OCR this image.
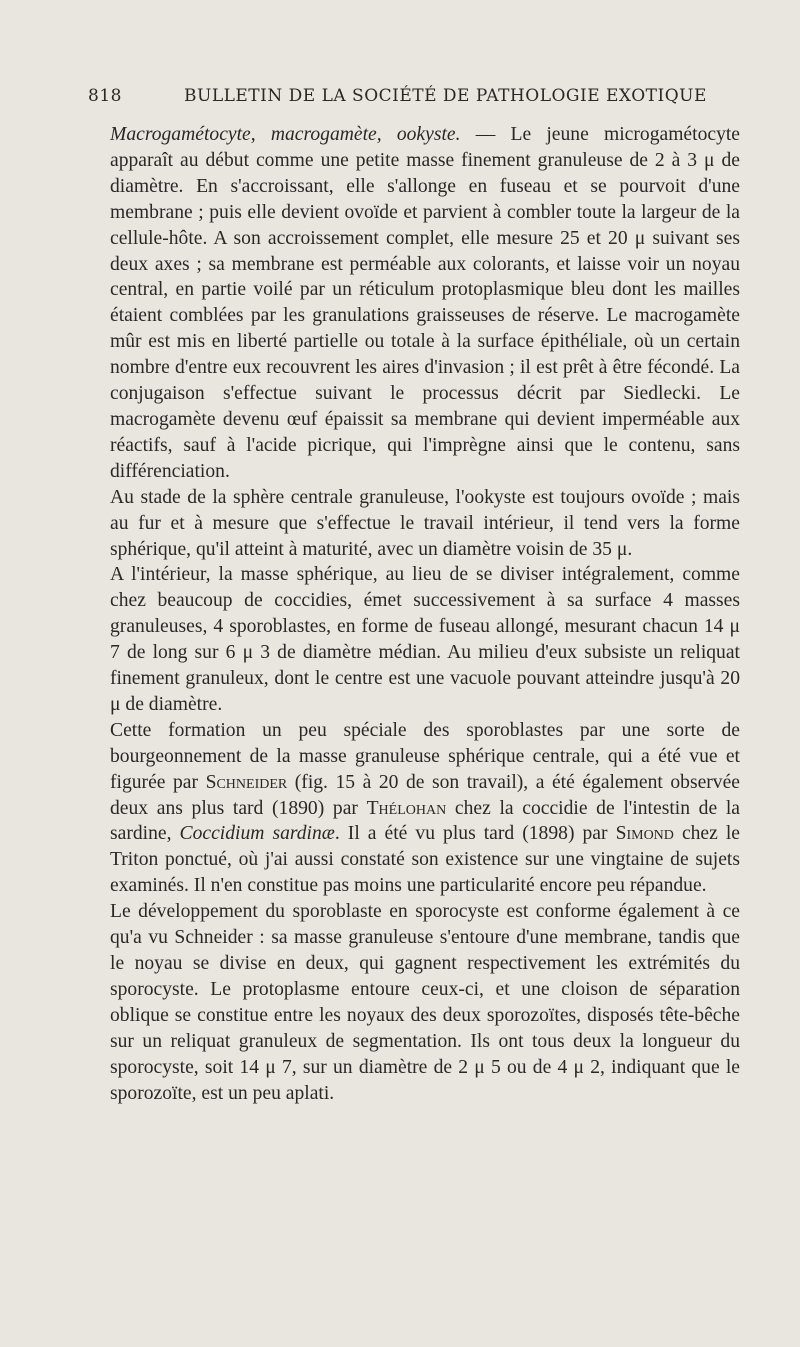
818	BULLETIN DE LA SOCIÉTÉ DE PATHOLOGIE EXOTIQUE

Macrogamétocyte, macrogamète, ookyste. — Le jeune microgamétocyte apparaît au début comme une petite masse finement granuleuse de 2 à 3 μ de diamètre. En s'accroissant, elle s'allonge en fuseau et se pourvoit d'une membrane ; puis elle devient ovoïde et parvient à combler toute la largeur de la cellule-hôte. A son accroissement complet, elle mesure 25 et 20 μ suivant ses deux axes ; sa membrane est perméable aux colorants, et laisse voir un noyau central, en partie voilé par un réticulum protoplasmique bleu dont les mailles étaient comblées par les granulations graisseuses de réserve. Le macrogamète mûr est mis en liberté partielle ou totale à la surface épithéliale, où un certain nombre d'entre eux recouvrent les aires d'invasion ; il est prêt à être fécondé. La conjugaison s'effectue suivant le processus décrit par Siedlecki. Le macrogamète devenu œuf épaissit sa membrane qui devient imperméable aux réactifs, sauf à l'acide picrique, qui l'imprègne ainsi que le contenu, sans différenciation.

Au stade de la sphère centrale granuleuse, l'ookyste est toujours ovoïde ; mais au fur et à mesure que s'effectue le travail intérieur, il tend vers la forme sphérique, qu'il atteint à maturité, avec un diamètre voisin de 35 μ.

A l'intérieur, la masse sphérique, au lieu de se diviser intégralement, comme chez beaucoup de coccidies, émet successivement à sa surface 4 masses granuleuses, 4 sporoblastes, en forme de fuseau allongé, mesurant chacun 14 μ 7 de long sur 6 μ 3 de diamètre médian. Au milieu d'eux subsiste un reliquat finement granuleux, dont le centre est une vacuole pouvant atteindre jusqu'à 20 μ de diamètre.

Cette formation un peu spéciale des sporoblastes par une sorte de bourgeonnement de la masse granuleuse sphérique centrale, qui a été vue et figurée par Schneider (fig. 15 à 20 de son travail), a été également observée deux ans plus tard (1890) par Thélohan chez la coccidie de l'intestin de la sardine, Coccidium sardinæ. Il a été vu plus tard (1898) par Simond chez le Triton ponctué, où j'ai aussi constaté son existence sur une vingtaine de sujets examinés. Il n'en constitue pas moins une particularité encore peu répandue.

Le développement du sporoblaste en sporocyste est conforme également à ce qu'a vu Schneider : sa masse granuleuse s'entoure d'une membrane, tandis que le noyau se divise en deux, qui gagnent respectivement les extrémités du sporocyste. Le protoplasme entoure ceux-ci, et une cloison de séparation oblique se constitue entre les noyaux des deux sporozoïtes, disposés tête-bêche sur un reliquat granuleux de segmentation. Ils ont tous deux la longueur du sporocyste, soit 14 μ 7, sur un diamètre de 2 μ 5 ou de 4 μ 2, indiquant que le sporozoïte, est un peu aplati.
